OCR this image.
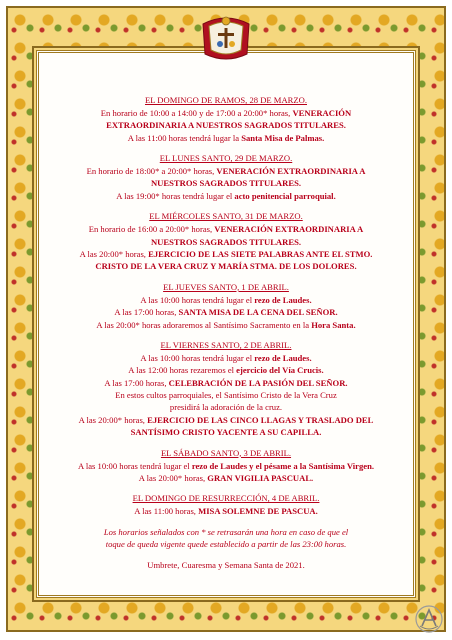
EL DOMINGO DE RAMOS, 28 DE MARZO.
En horario de 10:00 a 14:00 y de 17:00 a 20:00* horas, VENERACIÓN
EXTRAORDINARIA A NUESTROS SAGRADOS TITULARES.
A las 11:00 horas tendrá lugar la Santa Misa de Palmas.
EL LUNES SANTO, 29 DE MARZO.
En horario de 18:00* a 20:00* horas, VENERACIÓN EXTRAORDINARIA A
NUESTROS SAGRADOS TITULARES.
A las 19:00* horas tendrá lugar el acto penitencial parroquial.
EL MIÉRCOLES SANTO, 31 DE MARZO.
En horario de 16:00 a 20:00* horas, VENERACIÓN EXTRAORDINARIA A
NUESTROS SAGRADOS TITULARES.
A las 20:00* horas, EJERCICIO DE LAS SIETE PALABRAS ANTE EL STMO.
CRISTO DE LA VERA CRUZ Y MARÍA STMA. DE LOS DOLORES.
EL JUEVES SANTO, 1 DE ABRIL.
A las 10:00 horas tendrá lugar el rezo de Laudes.
A las 17:00 horas, SANTA MISA DE LA CENA DEL SEÑOR.
A las 20:00* horas adoraremos al Santísimo Sacramento en la Hora Santa.
EL VIERNES SANTO, 2 DE ABRIL.
A las 10:00 horas tendrá lugar el rezo de Laudes.
A las 12:00 horas rezaremos el ejercicio del Vía Crucis.
A las 17:00 horas, CELEBRACIÓN DE LA PASIÓN DEL SEÑOR.
En estos cultos parroquiales, el Santísimo Cristo de la Vera Cruz
presidirá la adoración de la cruz.
A las 20:00* horas, EJERCICIO DE LAS CINCO LLAGAS Y TRASLADO DEL
SANTÍSIMO CRISTO YACENTE A SU CAPILLA.
EL SÁBADO SANTO, 3 DE ABRIL.
A las 10:00 horas tendrá lugar el rezo de Laudes y el pésame a la Santísima Virgen.
A las 20:00* horas, GRAN VIGILIA PASCUAL.
EL DOMINGO DE RESURRECCIÓN, 4 DE ABRIL.
A las 11:00 horas, MISA SOLEMNE DE PASCUA.
Los horarios señalados con * se retrasarán una hora en caso de que el
toque de queda vigente quede establecido a partir de las 23:00 horas.
Umbrete, Cuaresma y Semana Santa de 2021.
